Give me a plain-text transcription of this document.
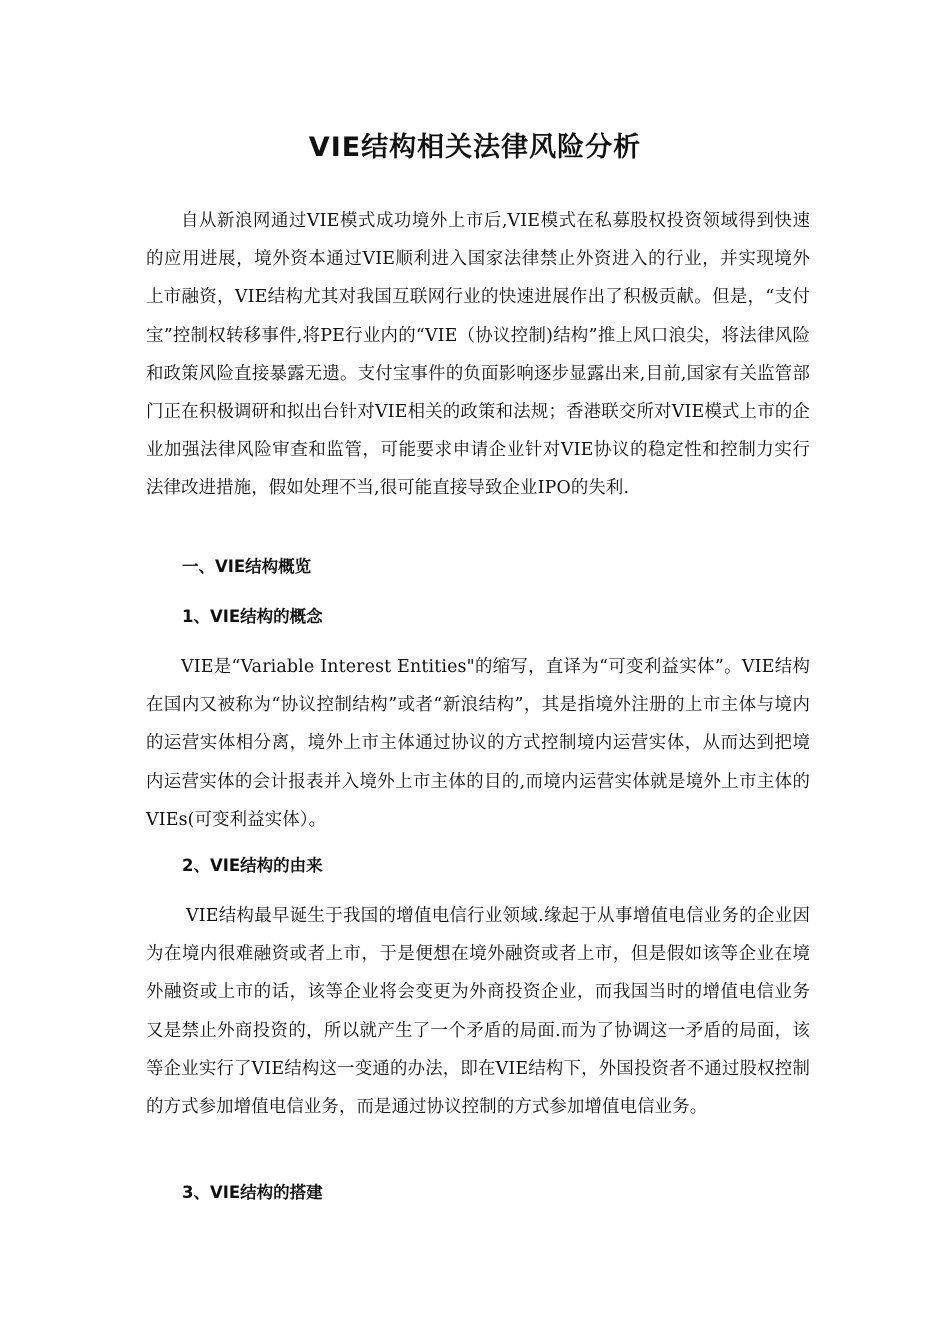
VIE结构相关法律风险分析

自从新浪网通过VIE模式成功境外上市后,VIE模式在私募股权投资领域得到快速的应用进展，境外资本通过VIE顺利进入国家法律禁止外资进入的行业，并实现境外上市融资，VIE结构尤其对我国互联网行业的快速进展作出了积极贡献。但是，“支付宝”控制权转移事件,将PE行业内的“VIE（协议控制)结构”推上风口浪尖，将法律风险和政策风险直接暴露无遗。支付宝事件的负面影响逐步显露出来,目前,国家有关监管部门正在积极调研和拟出台针对VIE相关的政策和法规；香港联交所对VIE模式上市的企业加强法律风险审查和监管，可能要求申请企业针对VIE协议的稳定性和控制力实行法律改进措施，假如处理不当,很可能直接导致企业IPO的失利.

一、VIE结构概览
1、VIE结构的概念

VIE是“Variable Interest Entities"的缩写，直译为“可变利益实体”。VIE结构在国内又被称为“协议控制结构”或者“新浪结构”，其是指境外注册的上市主体与境内的运营实体相分离，境外上市主体通过协议的方式控制境内运营实体，从而达到把境内运营实体的会计报表并入境外上市主体的目的,而境内运营实体就是境外上市主体的VIEs(可变利益实体）。

2、VIE结构的由来

VIE结构最早诞生于我国的增值电信行业领域.缘起于从事增值电信业务的企业因为在境内很难融资或者上市，于是便想在境外融资或者上市，但是假如该等企业在境外融资或上市的话，该等企业将会变更为外商投资企业，而我国当时的增值电信业务又是禁止外商投资的，所以就产生了一个矛盾的局面.而为了协调这一矛盾的局面，该等企业实行了VIE结构这一变通的办法，即在VIE结构下，外国投资者不通过股权控制的方式参加增值电信业务，而是通过协议控制的方式参加增值电信业务。

3、VIE结构的搭建
